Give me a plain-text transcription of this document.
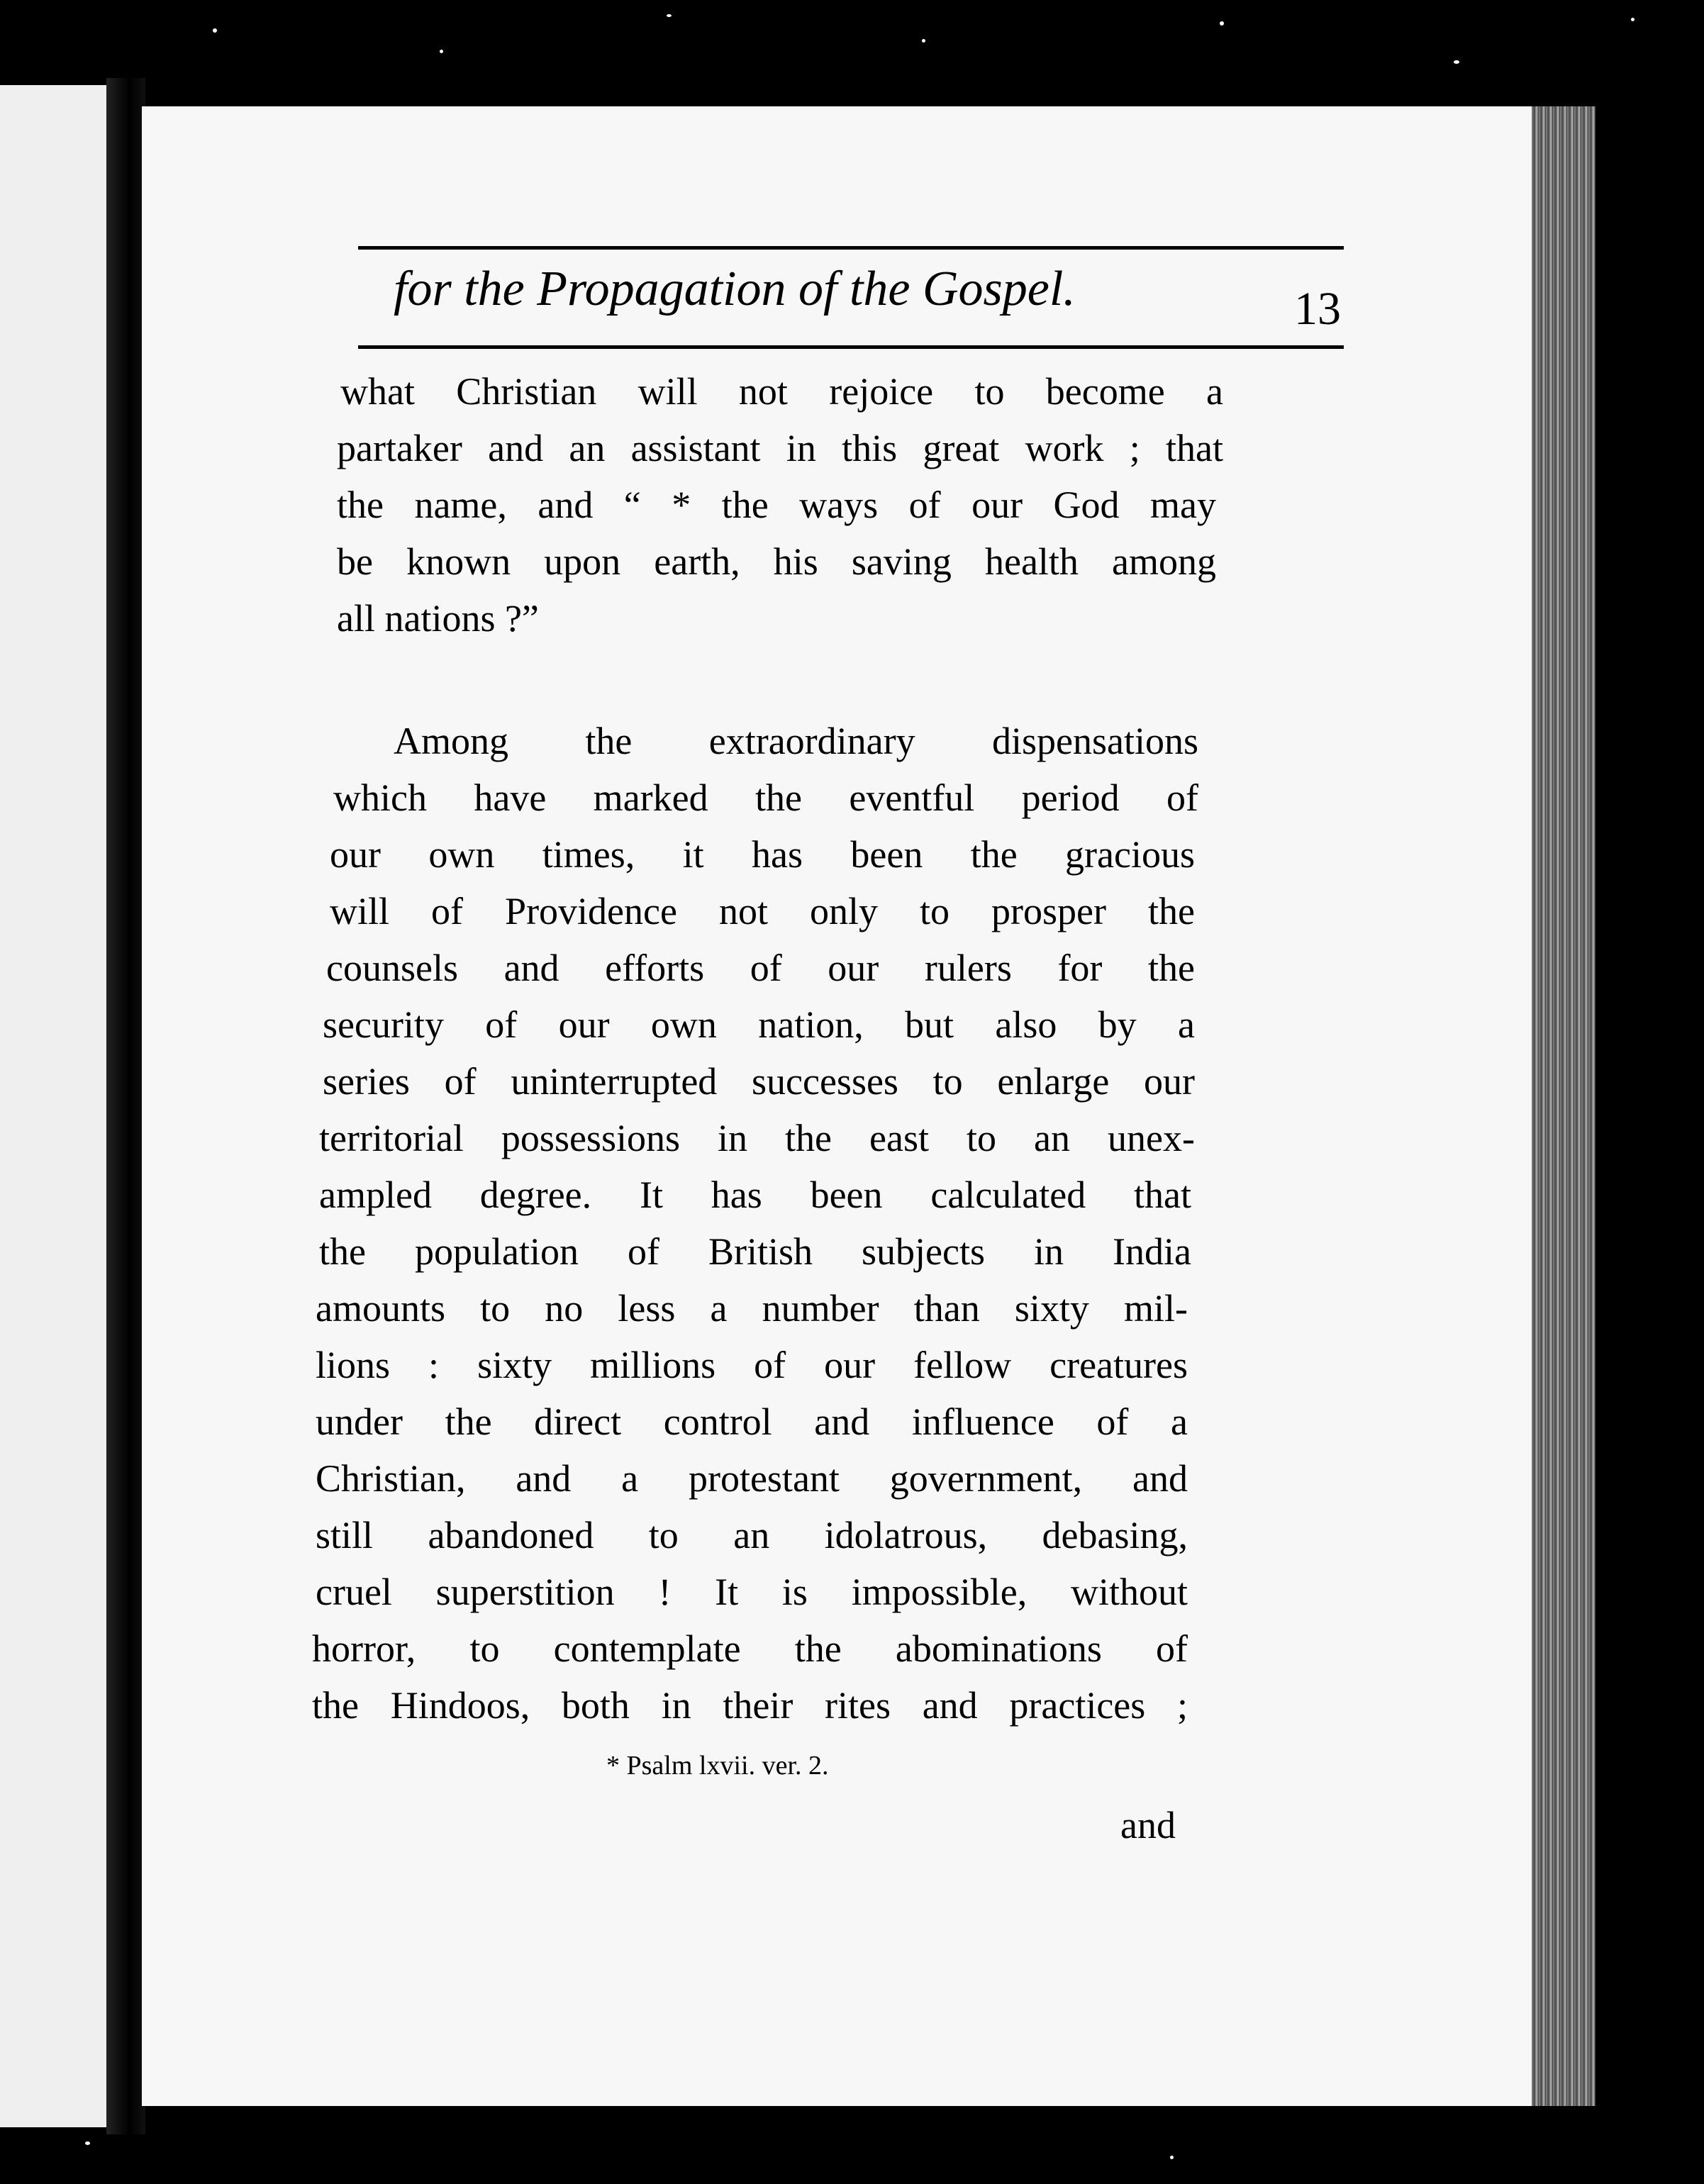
for the Propagation of the Gospel.	13
what Christian will not rejoice to become a
partaker and an assistant in this great work ; that
the name, and “ * the ways of our God may
be known upon earth, his saving health among
all nations ?”
Among the extraordinary dispensations
which have marked the eventful period of
our own times, it has been the gracious
will of Providence not only to prosper the
counsels and efforts of our rulers for the
security of our own nation, but also by a
series of uninterrupted successes to enlarge our
territorial possessions in the east to an unex-
ampled degree. It has been calculated that
the population of British subjects in India
amounts to no less a number than sixty mil-
lions : sixty millions of our fellow creatures
under the direct control and influence of a
Christian, and a protestant government, and
still abandoned to an idolatrous, debasing,
cruel superstition ! It is impossible, without
horror, to contemplate the abominations of
the Hindoos, both in their rites and practices ;
* Psalm lxvii. ver. 2.
and
